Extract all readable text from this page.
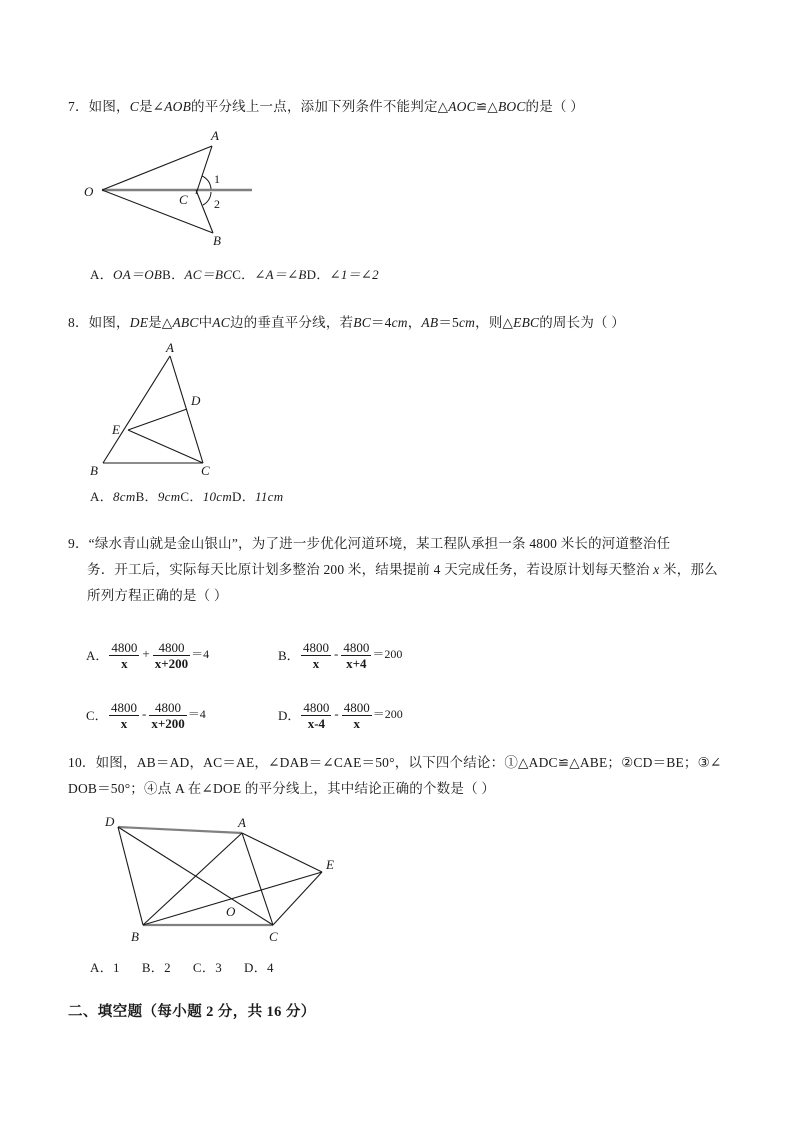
7．如图，C是∠AOB的平分线上一点，添加下列条件不能判定△AOC≌△BOC的是（ ）
O
A
B
C
1
2
A．OA＝OBB．AC＝BCC．∠A＝∠BD．∠1＝∠2
8．如图，DE是△ABC中AC边的垂直平分线，若BC＝4cm，AB＝5cm，则△EBC的周长为（ ）
A
B	C
D
E
A．8cmB．9cmC．10cmD．11cm
9．“绿水青山就是金山银山”，为了进一步优化河道环境，某工程队承担一条 4800 米长的河道整治任
务．开工后，实际每天比原计划多整治 200 米，结果提前 4 天完成任务，若设原计划每天整治 x 米，那么
所列方程正确的是（ ）
A． $\frac{4800}{x} + \frac{4800}{x+200} =4$	B． $\frac{4800}{x} - \frac{4800}{x+4} =200$
C． $\frac{4800}{x} - \frac{4800}{x+200} =4$	D． $\frac{4800}{x-4} - \frac{4800}{x} =200$
10．如图，AB＝AD，AC＝AE，∠DAB＝∠CAE＝50°，以下四个结论：①△ADC≌△ABE；②CD＝BE；③∠
DOB＝50°；④点 A 在∠DOE 的平分线上，其中结论正确的个数是（ ）
D	A
E
B	C
O
A．1 B．2 C．3 D．4
二、填空题（每小题 2 分，共 16 分）
